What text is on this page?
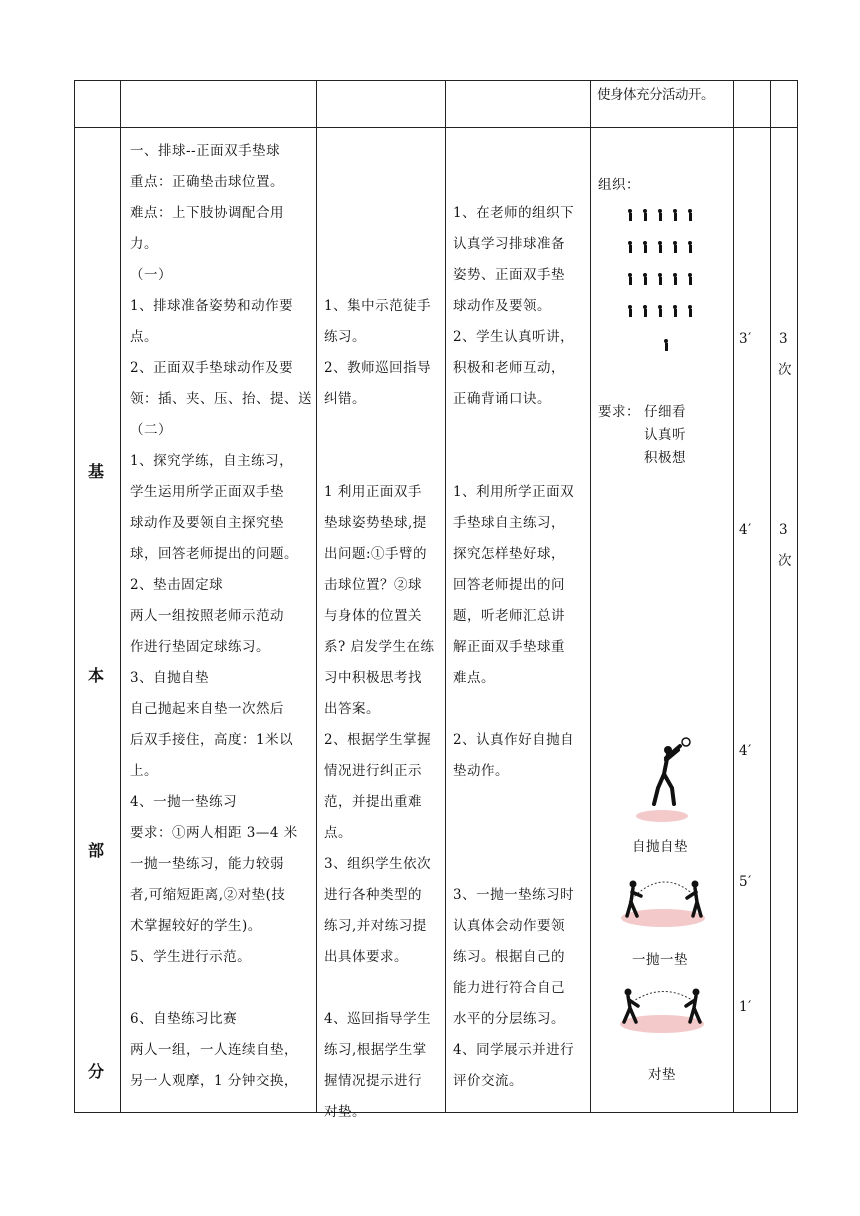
使身体充分活动开。
基
本
部
分
一、排球--正面双手垫球
重点：正确垫击球位置。
难点：上下肢协调配合用
力。
（一）
1、排球准备姿势和动作要
点。
2、正面双手垫球动作及要
领：插、夹、压、抬、提、送
（二）
1、探究学练，自主练习，
学生运用所学正面双手垫
球动作及要领自主探究垫
球，回答老师提出的问题。
2、垫击固定球
两人一组按照老师示范动
作进行垫固定球练习。
3、自抛自垫
自己抛起来自垫一次然后
后双手接住，高度：1米以
上。
4、一抛一垫练习
要求：①两人相距 3—4 米
一抛一垫练习，能力较弱
者,可缩短距离,②对垫(技
术掌握较好的学生)。
5、学生进行示范。
6、自垫练习比赛
两人一组，一人连续自垫，
另一人观摩，1 分钟交换，
1、集中示范徒手
练习。
2、教师巡回指导
纠错。
1 利用正面双手
垫球姿势垫球,提
出问题:①手臂的
击球位置？②球
与身体的位置关
系? 启发学生在练
习中积极思考找
出答案。
2、根据学生掌握
情况进行纠正示
范，并提出重难
点。
3、组织学生依次
进行各种类型的
练习,并对练习提
出具体要求。
4、巡回指导学生
练习,根据学生掌
握情况提示进行
对垫。
1、在老师的组织下
认真学习排球准备
姿势、正面双手垫
球动作及要领。
2、学生认真听讲，
积极和老师互动，
正确背诵口诀。
1、利用所学正面双
手垫球自主练习，
探究怎样垫好球，
回答老师提出的问
题，听老师汇总讲
解正面双手垫球重
难点。
2、认真作好自抛自
垫动作。
3、一抛一垫练习时
认真体会动作要领
练习。根据自己的
能力进行符合自己
水平的分层练习。
4、同学展示并进行
评价交流。
组织：
要求： 仔细看
认真听
积极想
自抛自垫
一抛一垫
对垫
3′
4′
4′
5′
1′
3
次
3
次
